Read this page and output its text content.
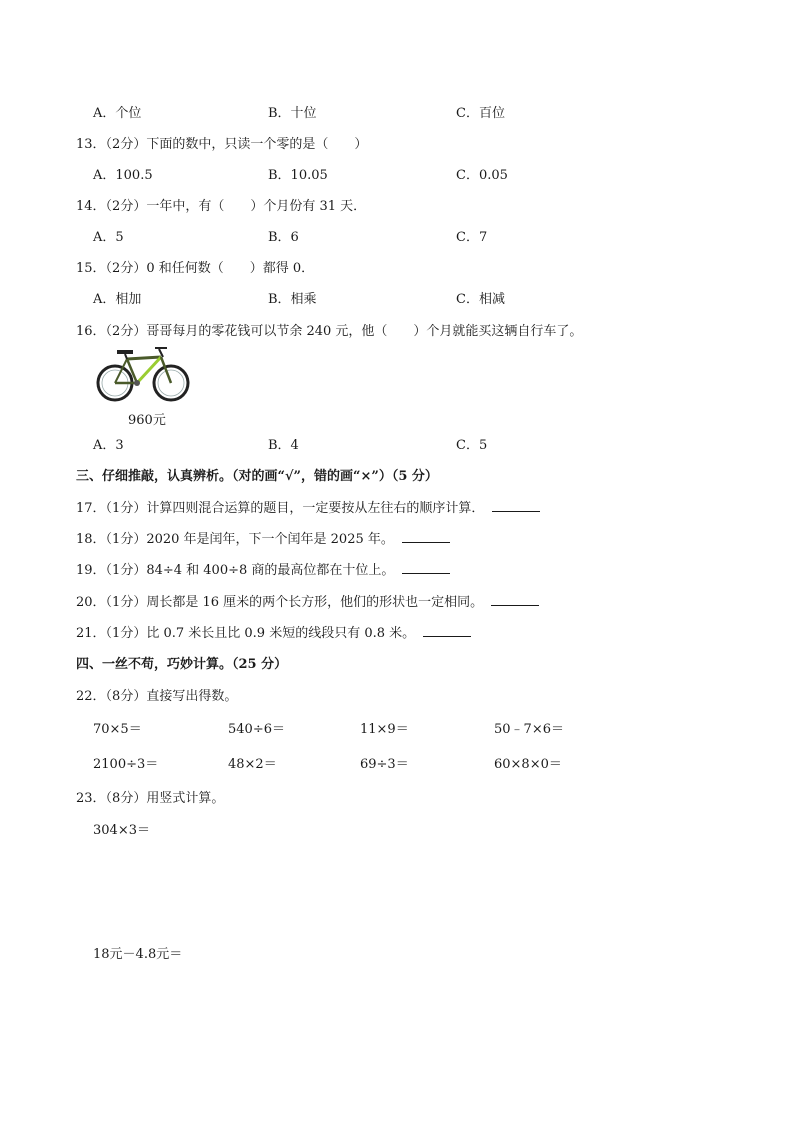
A．个位	B．十位	C．百位
13．（2分）下面的数中，只读一个零的是（　　）
A．100.5	B．10.05	C．0.05
14．（2分）一年中，有（　　）个月份有 31 天．
A．5	B．6	C．7
15．（2分）0 和任何数（　　）都得 0．
A．相加	B．相乘	C．相减
16．（2分）哥哥每月的零花钱可以节余 240 元，他（　　）个月就能买这辆自行车了。
960元
A．3	B．4	C．5
三、仔细推敲，认真辨析。（对的画“√”，错的画“×”）（5 分）
17．（1分）计算四则混合运算的题目，一定要按从左往右的顺序计算．
18．（1分）2020 年是闰年，下一个闰年是 2025 年。
19．（1分）84÷4 和 400÷8 商的最高位都在十位上。
20．（1分）周长都是 16 厘米的两个长方形，他们的形状也一定相同。
21．（1分）比 0.7 米长且比 0.9 米短的线段只有 0.8 米。
四、一丝不苟，巧妙计算。（25 分）
22．（8分）直接写出得数。
70×5＝	540÷6＝	11×9＝	50﹣7×6＝
2100÷3＝	48×2＝	69÷3＝	60×8×0＝
23．（8分）用竖式计算。
304×3＝
18元－4.8元＝
